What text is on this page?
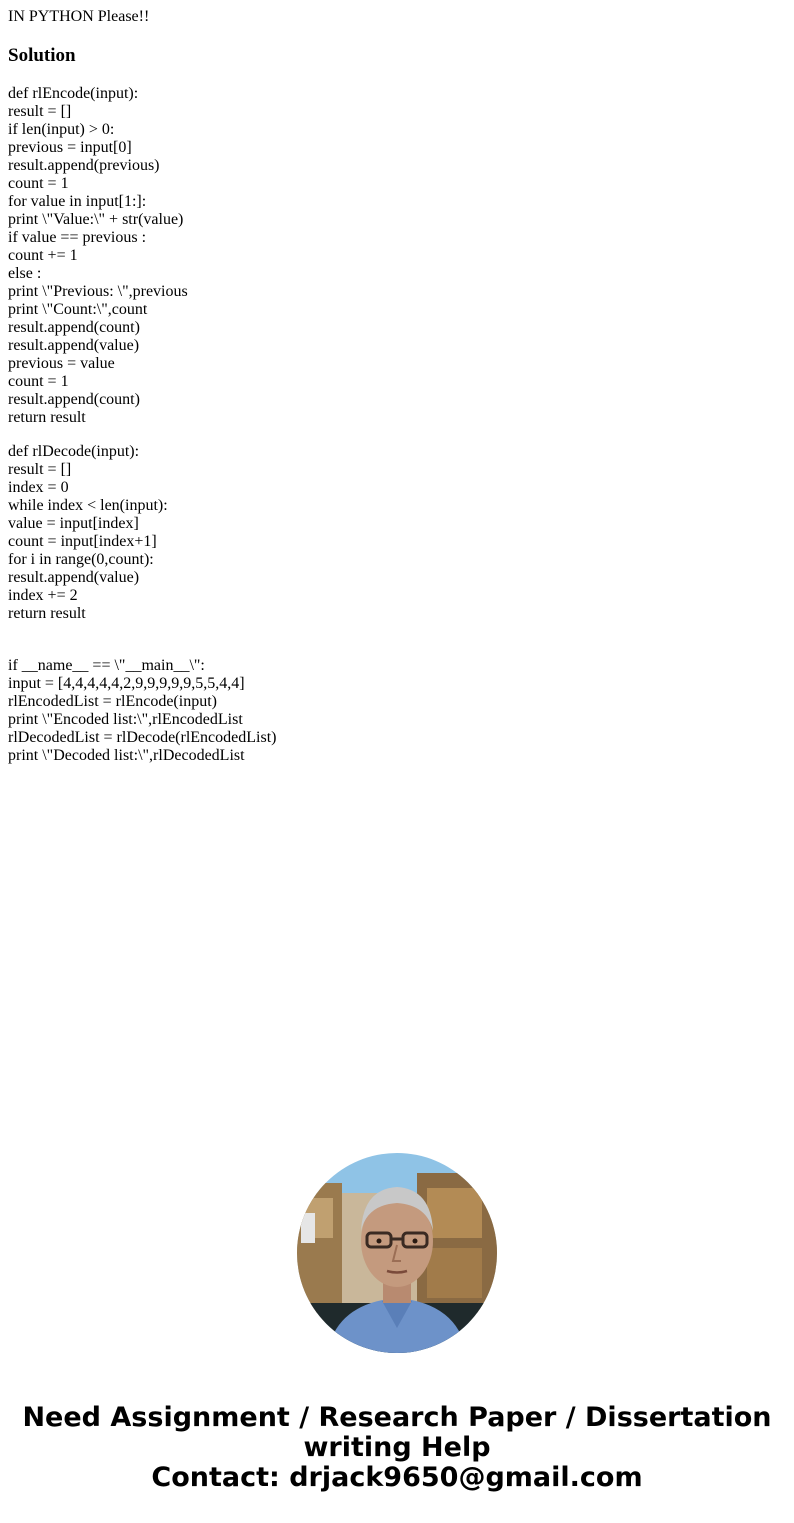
IN PYTHON Please!!

Solution
def rlEncode(input):
result = []
if len(input) > 0:
previous = input[0]
result.append(previous)
count = 1
for value in input[1:]:
print \"Value:\" + str(value)
if value == previous :
count += 1
else :
print \"Previous: \",previous
print \"Count:\",count
result.append(count)
result.append(value)
previous = value
count = 1
result.append(count)
return result
def rlDecode(input):
result = []
index = 0
while index < len(input):
value = input[index]
count = input[index+1]
for i in range(0,count):
result.append(value)
index += 2
return result
if __name__ == \"__main__\":
input = [4,4,4,4,4,2,9,9,9,9,9,5,5,4,4]
rlEncodedList = rlEncode(input)
print \"Encoded list:\",rlEncodedList
rlDecodedList = rlDecode(rlEncodedList)
print \"Decoded list:\",rlDecodedList
Need Assignment / Research Paper / Dissertation
writing Help
Contact: drjack9650@gmail.com
